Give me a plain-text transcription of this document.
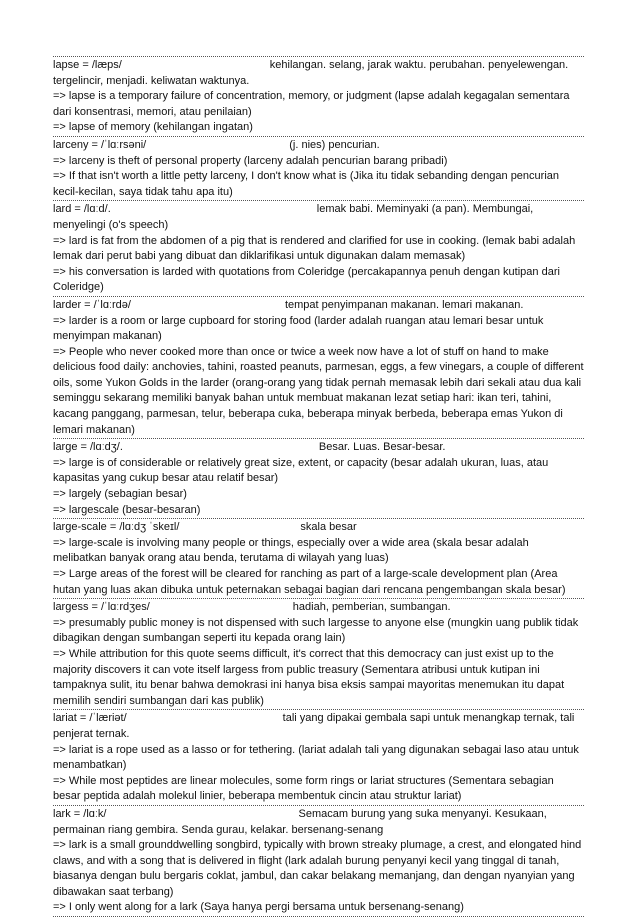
lapse = /læps/	kehilangan. selang, jarak waktu. perubahan. penyelewengan. tergelincir, menjadi. keliwatan waktunya.
=> lapse is a temporary failure of concentration, memory, or judgment (lapse adalah kegagalan sementara dari konsentrasi, memori, atau penilaian)
=> lapse of memory (kehilangan ingatan)
larceny = /ˈlɑːrsəni/	(j. nies) pencurian.
=> larceny is theft of personal property (larceny adalah pencurian barang pribadi)
=> If that isn't worth a little petty larceny, I don't know what is (Jika itu tidak sebanding dengan pencurian kecil-kecilan, saya tidak tahu apa itu)
lard = /lɑːd/.	lemak babi. Meminyaki (a pan). Membungai, menyelingi (o's speech)
=> lard is fat from the abdomen of a pig that is rendered and clarified for use in cooking. (lemak babi adalah lemak dari perut babi yang dibuat dan diklarifikasi untuk digunakan dalam memasak)
=> his conversation is larded with quotations from Coleridge (percakapannya penuh dengan kutipan dari Coleridge)
larder = /ˈlɑːrdə/	tempat penyimpanan makanan. lemari makanan.
=> larder is a room or large cupboard for storing food (larder adalah ruangan atau lemari besar untuk menyimpan makanan)
=> People who never cooked more than once or twice a week now have a lot of stuff on hand to make delicious food daily: anchovies, tahini, roasted peanuts, parmesan, eggs, a few vinegars, a couple of different oils, some Yukon Golds in the larder (orang-orang yang tidak pernah memasak lebih dari sekali atau dua kali seminggu sekarang memiliki banyak bahan untuk membuat makanan lezat setiap hari: ikan teri, tahini, kacang panggang, parmesan, telur, beberapa cuka, beberapa minyak berbeda, beberapa emas Yukon di lemari makanan)
large = /lɑːdʒ/.	Besar. Luas. Besar-besar.
=> large is of considerable or relatively great size, extent, or capacity (besar adalah ukuran, luas, atau kapasitas yang cukup besar atau relatif besar)
=> largely (sebagian besar)
=> largescale (besar-besaran)
large-scale = /lɑːdʒ ˈskeɪl/	skala besar
=> large-scale is involving many people or things, especially over a wide area (skala besar adalah melibatkan banyak orang atau benda, terutama di wilayah yang luas)
=> Large areas of the forest will be cleared for ranching as part of a large-scale development plan (Area hutan yang luas akan dibuka untuk peternakan sebagai bagian dari rencana pengembangan skala besar)
largess = /ˈlɑːrdʒes/	hadiah, pemberian, sumbangan.
=> presumably public money is not dispensed with such largesse to anyone else (mungkin uang publik tidak dibagikan dengan sumbangan seperti itu kepada orang lain)
=> While attribution for this quote seems difficult, it's correct that this democracy can just exist up to the majority discovers it can vote itself largess from public treasury (Sementara atribusi untuk kutipan ini tampaknya sulit, itu benar bahwa demokrasi ini hanya bisa eksis sampai mayoritas menemukan itu dapat memilih sendiri sumbangan dari kas publik)
lariat = /ˈlæriət/	tali yang dipakai gembala sapi untuk menangkap ternak, tali penjerat ternak.
=> lariat is a rope used as a lasso or for tethering. (lariat adalah tali yang digunakan sebagai laso atau untuk menambatkan)
=> While most peptides are linear molecules, some form rings or lariat structures (Sementara sebagian besar peptida adalah molekul linier, beberapa membentuk cincin atau struktur lariat)
lark = /lɑːk/	Semacam burung yang suka menyanyi. Kesukaan, permainan riang gembira. Senda gurau, kelakar. bersenang-senang
=> lark is a small grounddwelling songbird, typically with brown streaky plumage, a crest, and elongated hind claws, and with a song that is delivered in flight (lark adalah burung penyanyi kecil yang tinggal di tanah, biasanya dengan bulu bergaris coklat, jambul, dan cakar belakang memanjang, dan dengan nyanyian yang dibawakan saat terbang)
=> I only went along for a lark (Saya hanya pergi bersama untuk bersenang-senang)
